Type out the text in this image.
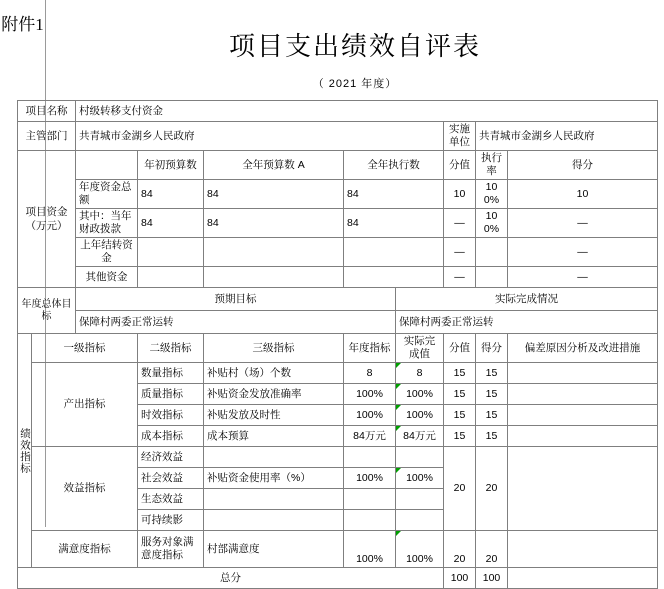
附件1
项目支出绩效自评表
（ 2021 年度）
项目名称		村级转移支付资金							
主管部门		共青城市金湖乡人民政府					实施单位	共青城市金湖乡人民政府	

项目资金（万元）			年初预算数	全年预算数 A	全年执行数		分值	执行率	得分
		年度资金总额	84	84	84		10	100%	10
		其中：当年财政拨款	84	84	84		—	100%	—
		上年结转资金					—		—
		其他资金					—		—

年度总体目标		预期目标				实际完成情况			
		保障村两委正常运转				保障村两委正常运转			

绩效指标	一级指标		二级指标	三级指标	年度指标	实际完成值	分值	得分	偏差原因分析及改进措施

	产出指标		数量指标	补贴村（场）个数	8	8	15	15	
			质量指标	补贴资金发放准确率	100%	100%	15	15	
			时效指标	补贴发放及时性	100%	100%	15	15	
			成本指标	成本预算	84万元	84万元	15	15	

	效益指标		经济效益				20	20	
			社会效益	补贴资金使用率（%）	100%	100%			
			生态效益						
			可持续影						

	满意度指标		服务对象满意度指标	村部满意度	100%	100%	20	20	
总分							100	100	
